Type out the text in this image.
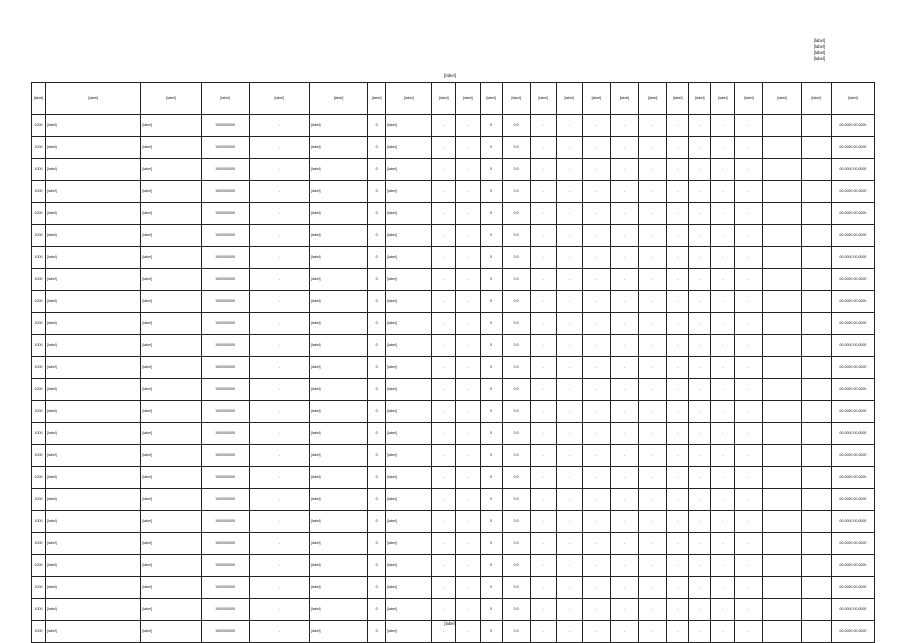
[label]
[label]
[label]
[label]
[label]
[label]	[label]	[label]	[label]	[label]	[label]	[label]	[label]	[label]	[label]	[label]	[label]	[label]	[label]	[label]	[label]	[label]	[label]	[label]	[label]	[label]	[label]	[label]	[label]
1000	[label]	[label]	1000000000	-	[label]	0	[label]	-	-	0	0.0	-	-	-	-	-	-	-	-	-			00.0000 00.0000
1000	[label]	[label]	1000000000	-	[label]	0	[label]	-	-	0	0.0	-	-	-	-	-	-	-	-	-			00.0000 00.0000
1000	[label]	[label]	1000000000	-	[label]	0	[label]	-	-	0	0.0	-	-	-	-	-	-	-	-	-			00.0000 00.0000
1000	[label]	[label]	1000000000	-	[label]	0	[label]	-	-	0	0.0	-	-	-	-	-	-	-	-	-			00.0000 00.0000
1000	[label]	[label]	1000000000	-	[label]	0	[label]	-	-	0	0.0	-	-	-	-	-	-	-	-	-			00.0000 00.0000
1000	[label]	[label]	1000000000	-	[label]	0	[label]	-	-	0	0.0	-	-	-	-	-	-	-	-	-			00.0000 00.0000
1000	[label]	[label]	1000000000	-	[label]	0	[label]	-	-	0	0.0	-	-	-	-	-	-	-	-	-			00.0000 00.0000
1000	[label]	[label]	1000000000	-	[label]	0	[label]	-	-	0	0.0	-	-	-	-	-	-	-	-	-			00.0000 00.0000
1000	[label]	[label]	1000000000	-	[label]	0	[label]	-	-	0	0.0	-	-	-	-	-	-	-	-	-			00.0000 00.0000
1000	[label]	[label]	1000000000	-	[label]	0	[label]	-	-	0	0.0	-	-	-	-	-	-	-	-	-			00.0000 00.0000
1000	[label]	[label]	1000000000	-	[label]	0	[label]	-	-	0	0.0	-	-	-	-	-	-	-	-	-			00.0000 00.0000
1000	[label]	[label]	1000000000	-	[label]	0	[label]	-	-	0	0.0	-	-	-	-	-	-	-	-	-			00.0000 00.0000
1000	[label]	[label]	1000000000	-	[label]	0	[label]	-	-	0	0.0	-	-	-	-	-	-	-	-	-			00.0000 00.0000
1000	[label]	[label]	1000000000	-	[label]	0	[label]	-	-	0	0.0	-	-	-	-	-	-	-	-	-			00.0000 00.0000
1000	[label]	[label]	1000000000	-	[label]	0	[label]	-	-	0	0.0	-	-	-	-	-	-	-	-	-			00.0000 00.0000
1000	[label]	[label]	1000000000	-	[label]	0	[label]	-	-	0	0.0	-	-	-	-	-	-	-	-	-			00.0000 00.0000
1000	[label]	[label]	1000000000	-	[label]	0	[label]	-	-	0	0.0	-	-	-	-	-	-	-	-	-			00.0000 00.0000
1000	[label]	[label]	1000000000	-	[label]	0	[label]	-	-	0	0.0	-	-	-	-	-	-	-	-	-			00.0000 00.0000
1000	[label]	[label]	1000000000	-	[label]	0	[label]	-	-	0	0.0	-	-	-	-	-	-	-	-	-			00.0000 00.0000
1000	[label]	[label]	1000000000	-	[label]	0	[label]	-	-	0	0.0	-	-	-	-	-	-	-	-	-			00.0000 00.0000
1000	[label]	[label]	1000000000	-	[label]	0	[label]	-	-	0	0.0	-	-	-	-	-	-	-	-	-			00.0000 00.0000
1000	[label]	[label]	1000000000	-	[label]	0	[label]	-	-	0	0.0	-	-	-	-	-	-	-	-	-			00.0000 00.0000
1000	[label]	[label]	1000000000	-	[label]	0	[label]	-	-	0	0.0	-	-	-	-	-	-	-	-	-			00.0000 00.0000
1000	[label]	[label]	1000000000	-	[label]	0	[label]	-	-	0	0.0	-	-	-	-	-	-	-	-	-			00.0000 00.0000
[label]
